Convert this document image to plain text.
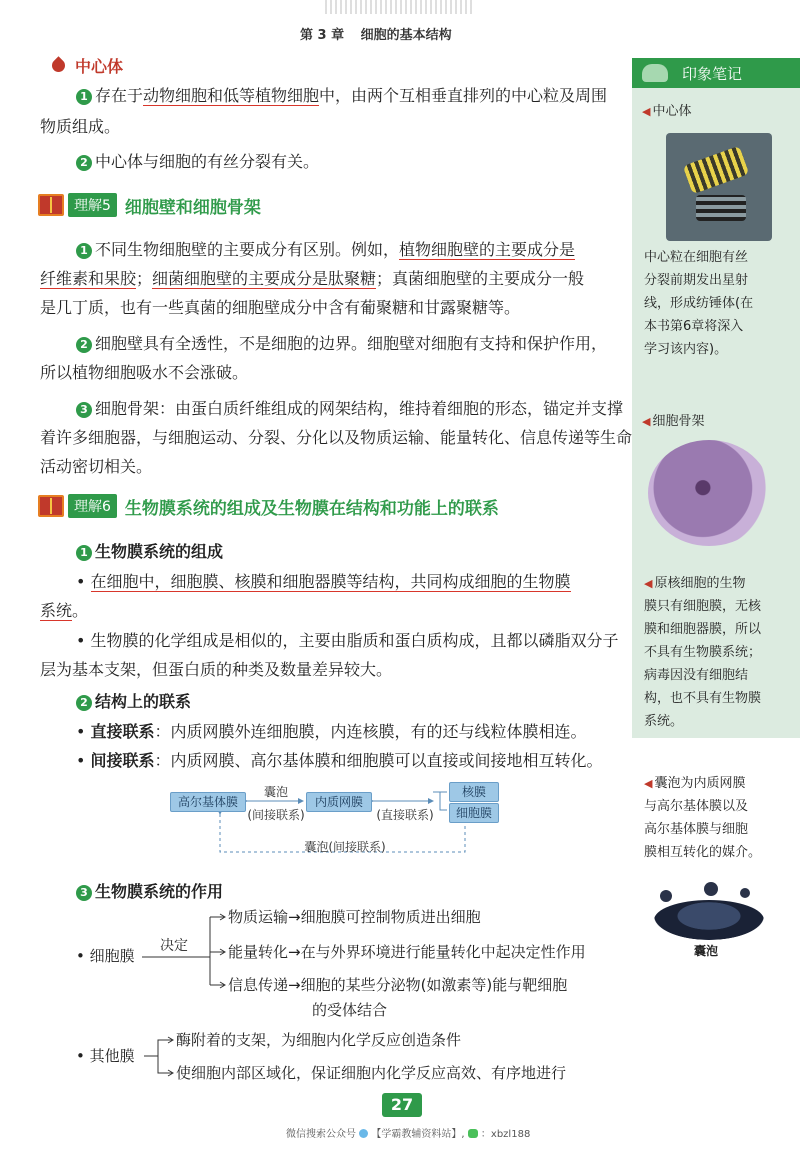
第 3 章 细胞的基本结构
中心体
1 存在于动物细胞和低等植物细胞中，由两个互相垂直排列的中心粒及周围
物质组成。
2 中心体与细胞的有丝分裂有关。
理解5 细胞壁和细胞骨架
1 不同生物细胞壁的主要成分有区别。例如，植物细胞壁的主要成分是
纤维素和果胶；细菌细胞壁的主要成分是肽聚糖；真菌细胞壁的主要成分一般
是几丁质，也有一些真菌的细胞壁成分中含有葡聚糖和甘露聚糖等。
2 细胞壁具有全透性，不是细胞的边界。细胞壁对细胞有支持和保护作用，
所以植物细胞吸水不会涨破。
3 细胞骨架：由蛋白质纤维组成的网架结构，维持着细胞的形态，锚定并支撑
着许多细胞器，与细胞运动、分裂、分化以及物质运输、能量转化、信息传递等生命
活动密切相关。
理解6 生物膜系统的组成及生物膜在结构和功能上的联系
1 生物膜系统的组成
• 在细胞中，细胞膜、核膜和细胞器膜等结构，共同构成细胞的生物膜
系统。
• 生物膜的化学组成是相似的，主要由脂质和蛋白质构成，且都以磷脂双分子
层为基本支架，但蛋白质的种类及数量差异较大。
2 结构上的联系
• 直接联系：内质网膜外连细胞膜，内连核膜，有的还与线粒体膜相连。
• 间接联系：内质网膜、高尔基体膜和细胞膜可以直接或间接地相互转化。
高尔基体膜	内质网膜
核膜
细胞膜
囊泡
(间接联系)	(直接联系)
囊泡(间接联系)
3 生物膜系统的作用
• 细胞膜
决定
物质运输→细胞膜可控制物质进出细胞
能量转化→在与外界环境进行能量转化中起决定性作用
信息传递→细胞的某些分泌物(如激素等)能与靶细胞
的受体结合
• 其他膜
酶附着的支架，为细胞内化学反应创造条件
使细胞内部区域化，保证细胞内化学反应高效、有序地进行
印象笔记
◀ 中心体
中心粒在细胞有丝
分裂前期发出星射
线，形成纺锤体(在
本书第6章将深入
学习该内容)。
◀ 细胞骨架
◀ 原核细胞的生物
膜只有细胞膜，无核
膜和细胞器膜，所以
不具有生物膜系统；
病毒因没有细胞结
构，也不具有生物膜
系统。
◀ 囊泡为内质网膜
与高尔基体膜以及
高尔基体膜与细胞
膜相互转化的媒介。
囊泡
27
微信搜索公众号 【学霸教辅资料站】,  ：xbzl188
